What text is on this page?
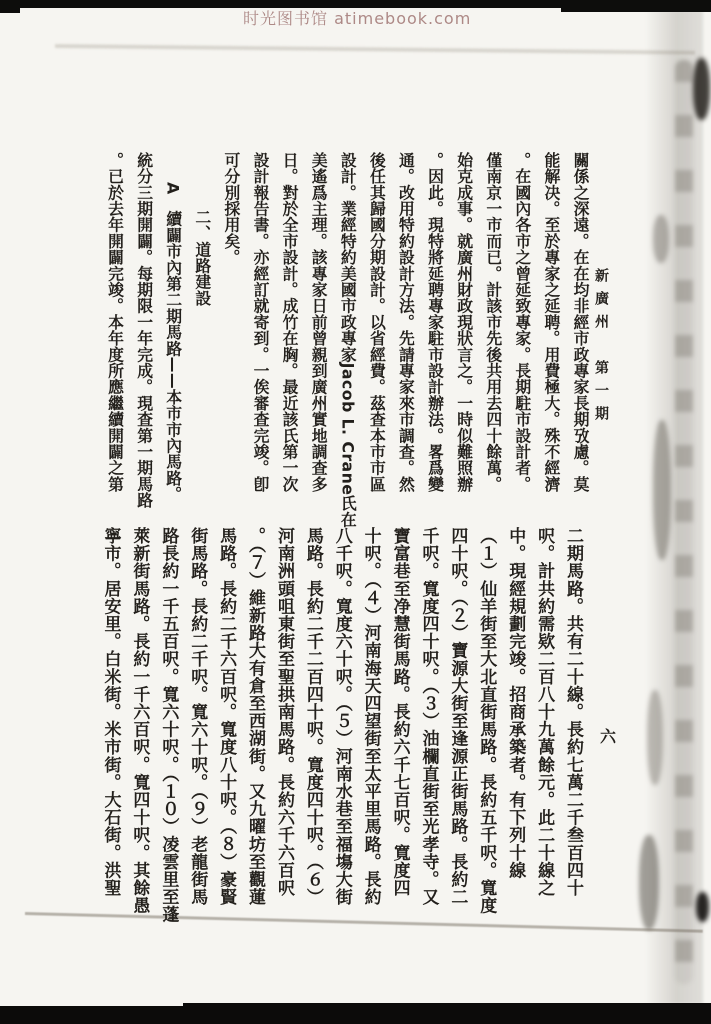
时光图书馆 atimebook.com
新廣州　第一期
六
關係之深遠。在在均非經市政專家長期攷慮。莫
能解决。至於專家之延聘。用費極大。殊不經濟
。在國內各市之曾延致專家。長期駐市設計者。
僅南京一市而已。計該市先後共用去四十餘萬。
始克成事。就廣州財政現狀言之。一時似難照辦
。因此。現特將延聘專家駐市設計辦法。畧爲變
通。改用特約設計方法。先請專家來市調查。然
後任其歸國分期設計。以省經費。茲查本市市區
設計。業經特約美國市政專家Jacob L. Crane氏在
美遙爲主理。該專家日前曾親到廣州實地調查多
日。對於全市設計。成竹在胸。最近該氏第一次
設計報告書。亦經訂就寄到。一俟審查完竣。卽
可分別採用矣。
二、道路建設
A　續闢市內第二期馬路——本市市內馬路。
統分三期開闢。每期限一年完成。現查第一期馬路
。已於去年開闢完竣。本年度所應繼續開闢之第
二期馬路。共有二十線。長約七萬二千叁百四十
呎。計共約需欵二百八十九萬餘元。此二十線之
中。現經規劃完竣。招商承築者。有下列十線
（１）仙羊街至大北直街馬路。長約五千呎。寬度
四十呎。（２）寶源大街至逢源正街馬路。長約二
千呎。寬度四十呎。（３）油欄直街至光孝寺。又
寶富巷至净慧街馬路。長約六千七百呎。寬度四
十呎。（４）河南海天四望街至太平里馬路。長約
八千呎。寬度六十呎。（５）河南水巷至福塲大街
馬路。長約二千二百四十呎。寬度四十呎。（６）
河南洲頭咀東街至聖拱南馬路。長約六千六百呎
。（７）維新路大有倉至西湖街。又九曜坊至觀蓮
馬路。長約二千六百呎。寬度八十呎。（８）豪賢
街馬路。長約二千呎。寬六十呎。（９）老龍街馬
路長約一千五百呎。寬六十呎。（１０）凌雲里至蓬
萊新街馬路。長約一千六百呎。寬四十呎。其餘愚
寧市。居安里。白米街。米市街。大石街。洪聖
